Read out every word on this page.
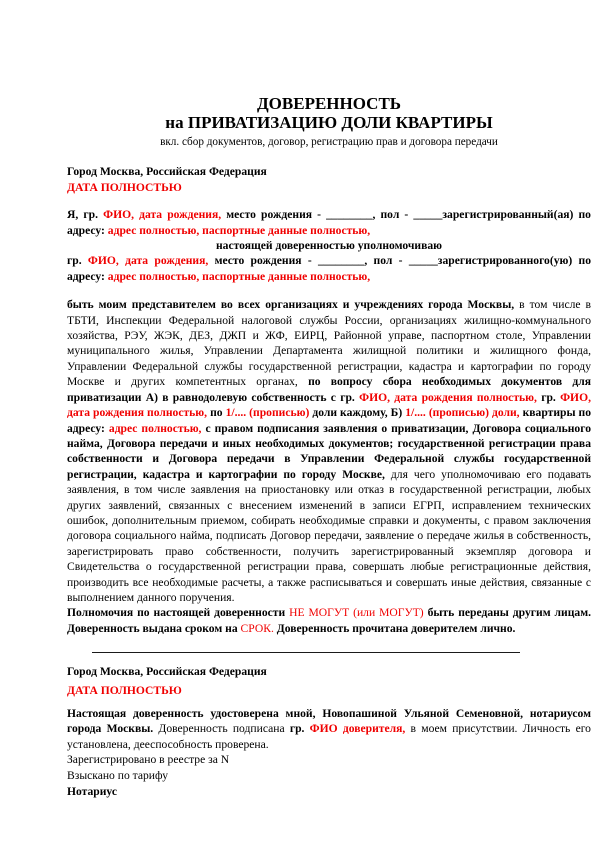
ДОВЕРЕННОСТЬ
на ПРИВАТИЗАЦИЮ ДОЛИ КВАРТИРЫ
вкл. сбор документов, договор, регистрацию прав и договора передачи
Город Москва, Российская Федерация
ДАТА ПОЛНОСТЬЮ

Я, гр. ФИО, дата рождения, место рождения - ________, пол - _____зарегистрированный(ая) по адресу: адрес полностью, паспортные данные полностью,

настоящей доверенностью уполномочиваю

гр. ФИО, дата рождения, место рождения - ________, пол - _____зарегистрированного(ую) по адресу: адрес полностью, паспортные данные полностью,

быть моим представителем во всех организациях и учреждениях города Москвы, в том числе в ТБТИ, Инспекции Федеральной налоговой службы России, организациях жилищно-коммунального хозяйства, РЭУ, ЖЭК, ДЕЗ, ДЖП и ЖФ, ЕИРЦ, Районной управе, паспортном столе, Управлении муниципального жилья, Управлении Департамента жилищной политики и жилищного фонда, Управлении Федеральной службы государственной регистрации, кадастра и картографии по городу Москве и других компетентных органах, по вопросу сбора необходимых документов для приватизации А) в равнодолевую собственность с гр. ФИО, дата рождения полностью, гр. ФИО, дата рождения полностью, по 1/.... (прописью) доли каждому, Б) 1/.... (прописью) доли, квартиры по адресу: адрес полностью, с правом подписания заявления о приватизации, Договора социального найма, Договора передачи и иных необходимых документов; государственной регистрации права собственности и Договора передачи в Управлении Федеральной службы государственной регистрации, кадастра и картографии по городу Москве, для чего уполномочиваю его подавать заявления, в том числе заявления на приостановку или отказ в государственной регистрации, любых других заявлений, связанных с внесением изменений в записи ЕГРП, исправлением технических ошибок, дополнительным приемом, собирать необходимые справки и документы, с правом заключения договора социального найма, подписать Договор передачи, заявление о передаче жилья в собственность, зарегистрировать право собственности, получить зарегистрированный экземпляр договора и Свидетельства о государственной регистрации права, совершать любые регистрационные действия, производить все необходимые расчеты, а также расписываться и совершать иные действия, связанные с выполнением данного поручения.

Полномочия по настоящей доверенности НЕ МОГУТ (или МОГУТ) быть переданы другим лицам. Доверенность выдана сроком на СРОК. Доверенность прочитана доверителем лично.

Город Москва, Российская Федерация
ДАТА ПОЛНОСТЬЮ

Настоящая доверенность удостоверена мной, Новопашиной Ульяной Семеновной, нотариусом города Москвы. Доверенность подписана гр. ФИО доверителя, в моем присутствии. Личность его установлена, дееспособность проверена.

Зарегистрировано в реестре за N
Взыскано по тарифу
Нотариус
